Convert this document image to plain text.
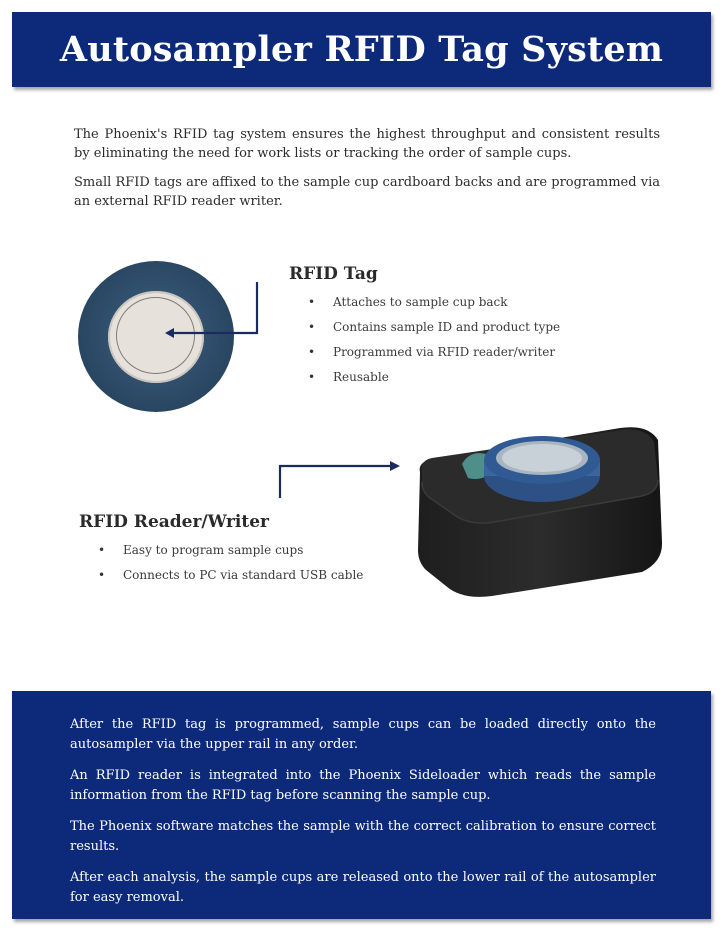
Autosampler RFID Tag System

The Phoenix's RFID tag system ensures the highest throughput and consistent results by eliminating the need for work lists or tracking the order of sample cups.

Small RFID tags are affixed to the sample cup cardboard backs and are programmed via an external RFID reader writer.

RFID Tag
• Attaches to sample cup back
• Contains sample ID and product type
• Programmed via RFID reader/writer
• Reusable
RFID Reader/Writer
• Easy to program sample cups
• Connects to PC via standard USB cable

After the RFID tag is programmed, sample cups can be loaded directly onto the autosampler via the upper rail in any order.

An RFID reader is integrated into the Phoenix Sideloader which reads the sample information from the RFID tag before scanning the sample cup.

The Phoenix software matches the sample with the correct calibration to ensure correct results.

After each analysis, the sample cups are released onto the lower rail of the autosampler for easy removal.
